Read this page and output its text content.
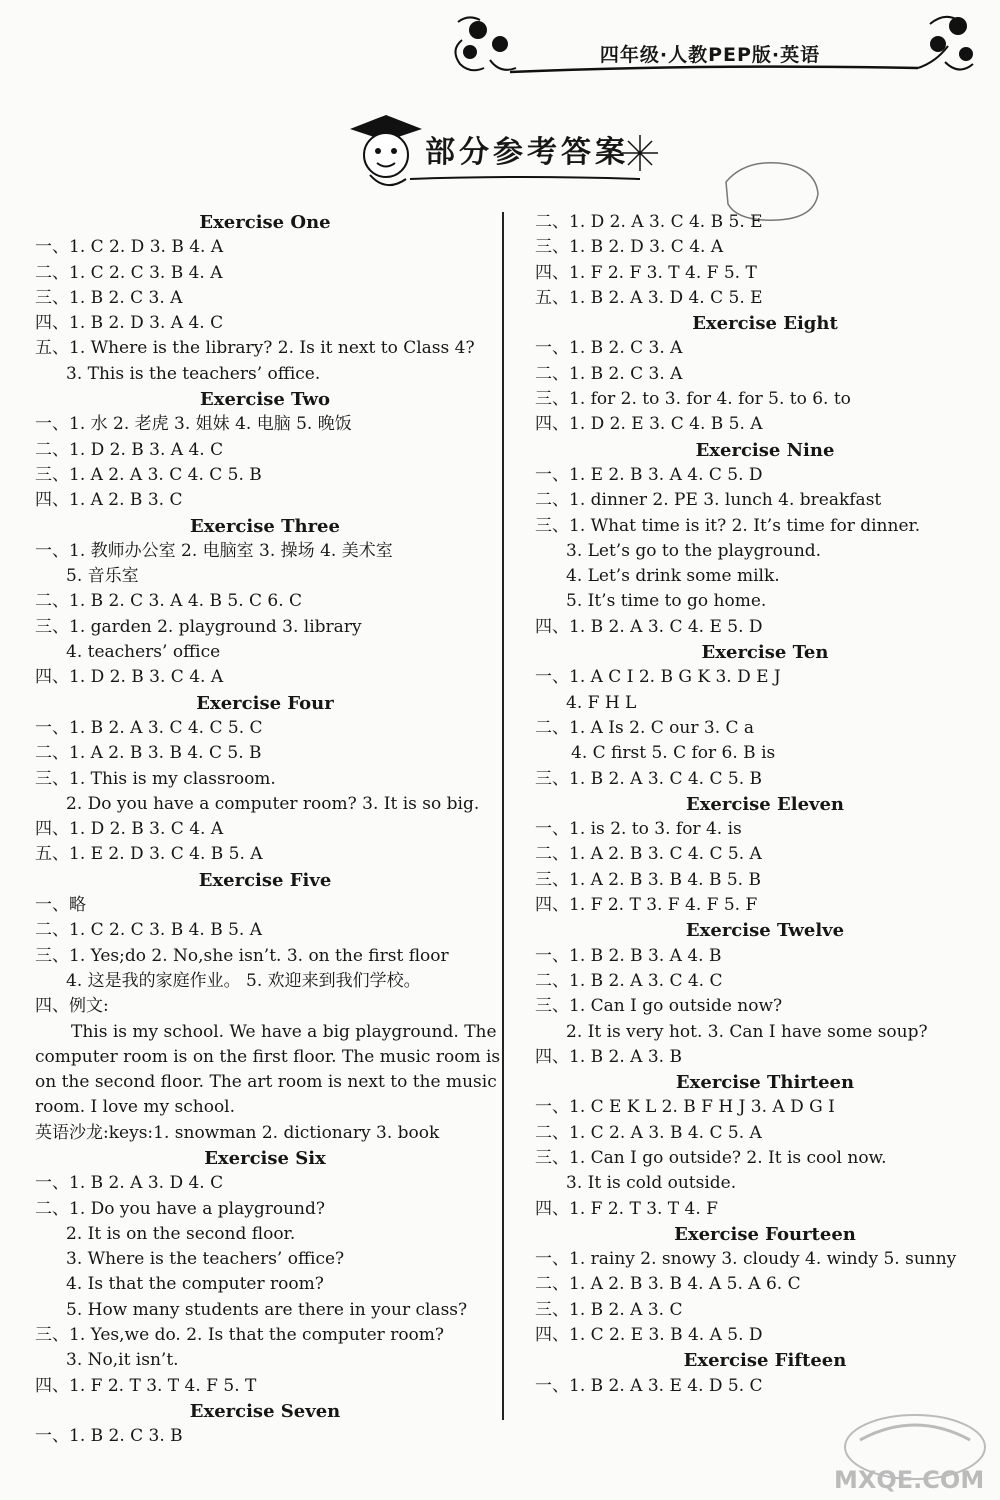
四年级·人教PEP版·英语
部分参考答案
Exercise One
一、1. C 2. D 3. B 4. A
二、1. C 2. C 3. B 4. A
三、1. B 2. C 3. A
四、1. B 2. D 3. A 4. C
五、1. Where is the library? 2. Is it next to Class 4?
3. This is the teachers’ office.
Exercise Two
一、1. 水 2. 老虎 3. 姐妹 4. 电脑 5. 晚饭
二、1. D 2. B 3. A 4. C
三、1. A 2. A 3. C 4. C 5. B
四、1. A 2. B 3. C
Exercise Three
一、1. 教师办公室 2. 电脑室 3. 操场 4. 美术室
5. 音乐室
二、1. B 2. C 3. A 4. B 5. C 6. C
三、1. garden 2. playground 3. library
4. teachers’ office
四、1. D 2. B 3. C 4. A
Exercise Four
一、1. B 2. A 3. C 4. C 5. C
二、1. A 2. B 3. B 4. C 5. B
三、1. This is my classroom.
2. Do you have a computer room? 3. It is so big.
四、1. D 2. B 3. C 4. A
五、1. E 2. D 3. C 4. B 5. A
Exercise Five
一、略
二、1. C 2. C 3. B 4. B 5. A
三、1. Yes;do 2. No,she isn’t. 3. on the first floor
4. 这是我的家庭作业。 5. 欢迎来到我们学校。
四、例文:
This is my school. We have a big playground. The
computer room is on the first floor. The music room is
on the second floor. The art room is next to the music
room. I love my school.
英语沙龙:keys:1. snowman 2. dictionary 3. book
Exercise Six
一、1. B 2. A 3. D 4. C
二、1. Do you have a playground?
2. It is on the second floor.
3. Where is the teachers’ office?
4. Is that the computer room?
5. How many students are there in your class?
三、1. Yes,we do. 2. Is that the computer room?
3. No,it isn’t.
四、1. F 2. T 3. T 4. F 5. T
Exercise Seven
一、1. B 2. C 3. B
二、1. D 2. A 3. C 4. B 5. E
三、1. B 2. D 3. C 4. A
四、1. F 2. F 3. T 4. F 5. T
五、1. B 2. A 3. D 4. C 5. E
Exercise Eight
一、1. B 2. C 3. A
二、1. B 2. C 3. A
三、1. for 2. to 3. for 4. for 5. to 6. to
四、1. D 2. E 3. C 4. B 5. A
Exercise Nine
一、1. E 2. B 3. A 4. C 5. D
二、1. dinner 2. PE 3. lunch 4. breakfast
三、1. What time is it? 2. It’s time for dinner.
3. Let’s go to the playground.
4. Let’s drink some milk.
5. It’s time to go home.
四、1. B 2. A 3. C 4. E 5. D
Exercise Ten
一、1. A C I 2. B G K 3. D E J
4. F H L
二、1. A Is 2. C our 3. C a
4. C first 5. C for 6. B is
三、1. B 2. A 3. C 4. C 5. B
Exercise Eleven
一、1. is 2. to 3. for 4. is
二、1. A 2. B 3. C 4. C 5. A
三、1. A 2. B 3. B 4. B 5. B
四、1. F 2. T 3. F 4. F 5. F
Exercise Twelve
一、1. B 2. B 3. A 4. B
二、1. B 2. A 3. C 4. C
三、1. Can I go outside now?
2. It is very hot. 3. Can I have some soup?
四、1. B 2. A 3. B
Exercise Thirteen
一、1. C E K L 2. B F H J 3. A D G I
二、1. C 2. A 3. B 4. C 5. A
三、1. Can I go outside? 2. It is cool now.
3. It is cold outside.
四、1. F 2. T 3. T 4. F
Exercise Fourteen
一、1. rainy 2. snowy 3. cloudy 4. windy 5. sunny
二、1. A 2. B 3. B 4. A 5. A 6. C
三、1. B 2. A 3. C
四、1. C 2. E 3. B 4. A 5. D
Exercise Fifteen
一、1. B 2. A 3. E 4. D 5. C
MXQE.COM
